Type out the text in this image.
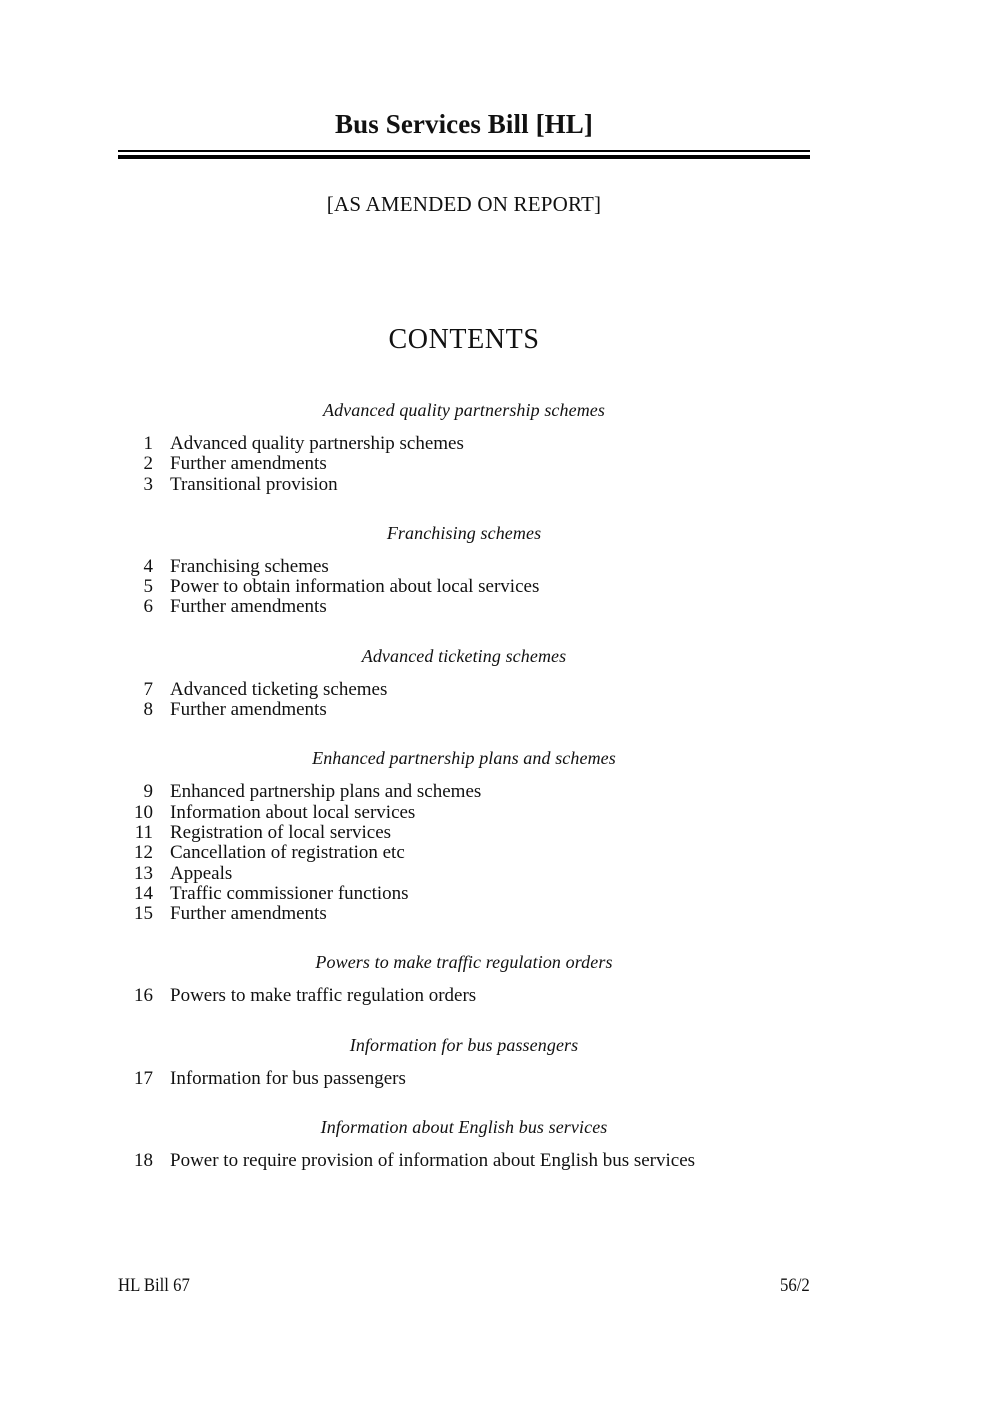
Bus Services Bill [HL]
[AS AMENDED ON REPORT]
CONTENTS
Advanced quality partnership schemes
1 Advanced quality partnership schemes
2 Further amendments
3 Transitional provision
Franchising schemes
4 Franchising schemes
5 Power to obtain information about local services
6 Further amendments
Advanced ticketing schemes
7 Advanced ticketing schemes
8 Further amendments
Enhanced partnership plans and schemes
9 Enhanced partnership plans and schemes
10 Information about local services
11 Registration of local services
12 Cancellation of registration etc
13 Appeals
14 Traffic commissioner functions
15 Further amendments
Powers to make traffic regulation orders
16 Powers to make traffic regulation orders
Information for bus passengers
17 Information for bus passengers
Information about English bus services
18 Power to require provision of information about English bus services
HL Bill 67	56/2
